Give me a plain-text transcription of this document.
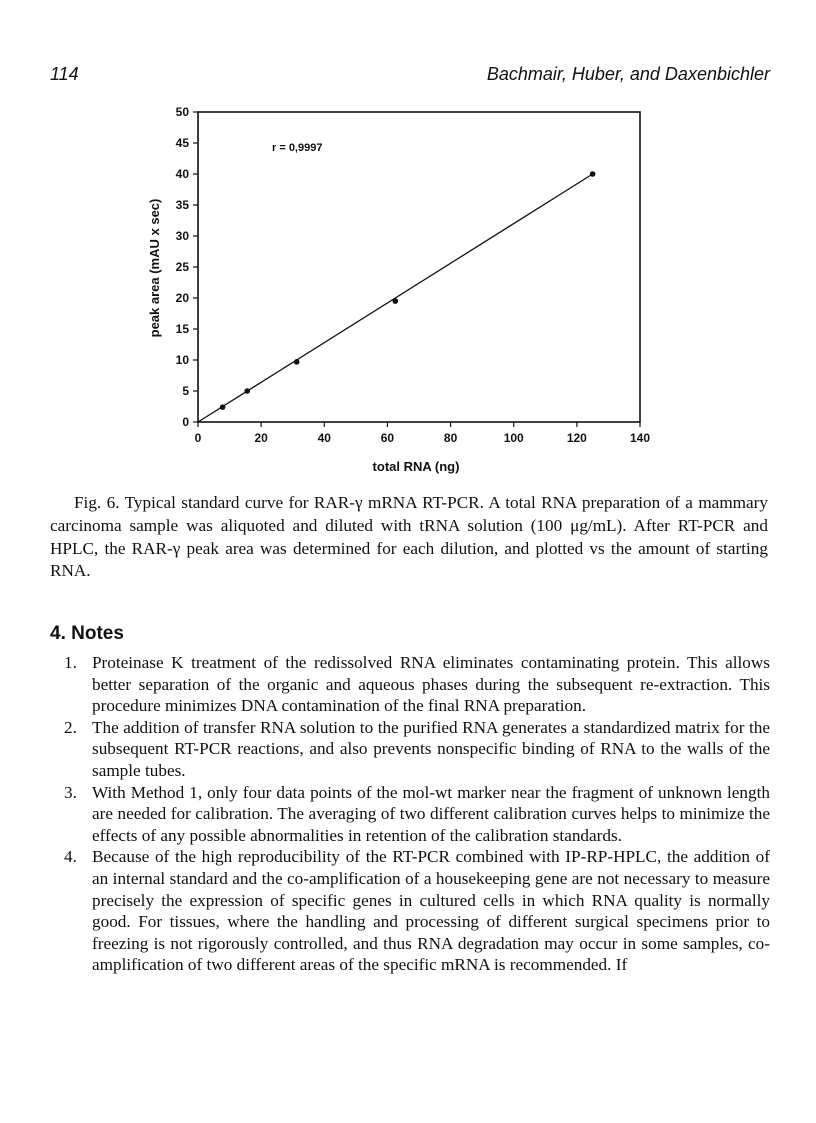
114	Bachmair, Huber, and Daxenbichler
0
5
10
15
20
25
30
35
40
45
50
0	20	40	60	80	100	120	140
r = 0,9997
total RNA (ng)
peak area (mAU x sec)

Fig. 6. Typical standard curve for RAR-γ mRNA RT-PCR. A total RNA preparation of a mammary carcinoma sample was aliquoted and diluted with tRNA solution (100 μg/mL). After RT-PCR and HPLC, the RAR-γ peak area was determined for each dilution, and plotted vs the amount of starting RNA.

4. Notes
1. Proteinase K treatment of the redissolved RNA eliminates contaminating protein. This allows better separation of the organic and aqueous phases during the subsequent re-extraction. This procedure minimizes DNA contamination of the final RNA preparation.
2. The addition of transfer RNA solution to the purified RNA generates a standardized matrix for the subsequent RT-PCR reactions, and also prevents nonspecific binding of RNA to the walls of the sample tubes.
3. With Method 1, only four data points of the mol-wt marker near the fragment of unknown length are needed for calibration. The averaging of two different calibration curves helps to minimize the effects of any possible abnormalities in retention of the calibration standards.
4. Because of the high reproducibility of the RT-PCR combined with IP-RP-HPLC, the addition of an internal standard and the co-amplification of a housekeeping gene are not necessary to measure precisely the expression of specific genes in cultured cells in which RNA quality is normally good. For tissues, where the handling and processing of different surgical specimens prior to freezing is not rigorously controlled, and thus RNA degradation may occur in some samples, co-amplification of two different areas of the specific mRNA is recommended. If
